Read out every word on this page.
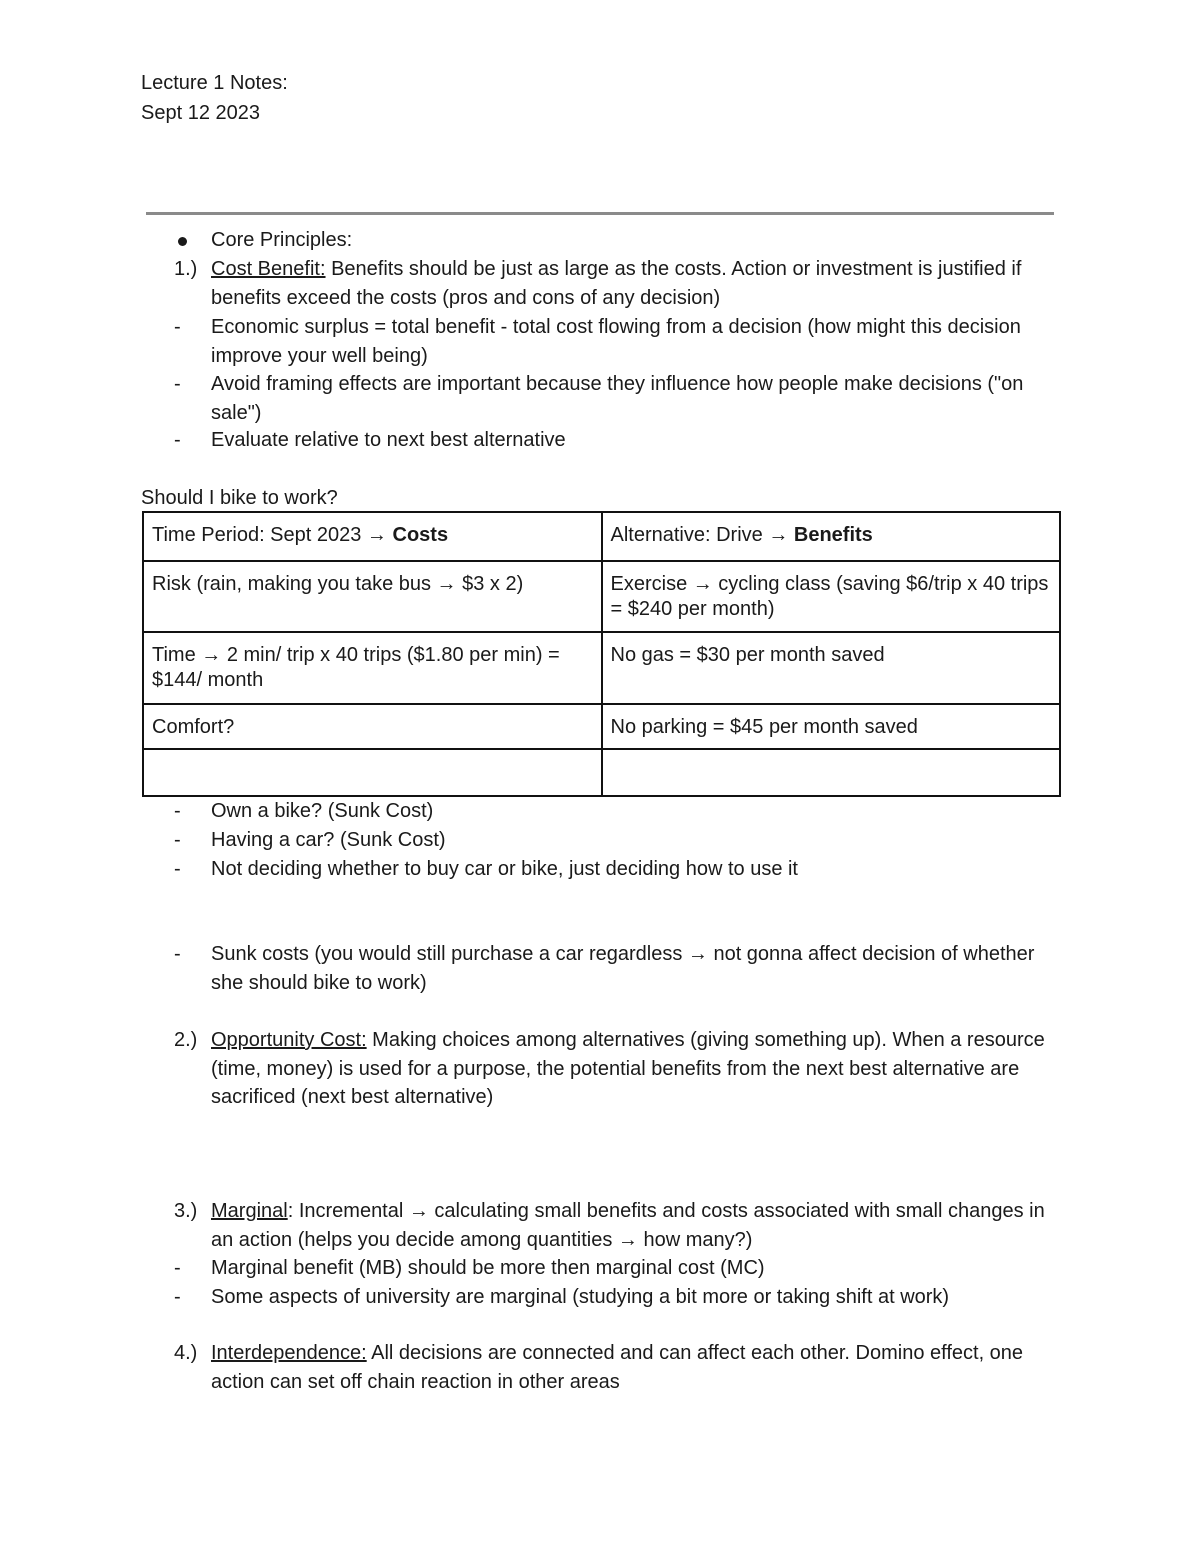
Lecture 1 Notes:
Sept 12 2023
Core Principles:
1.) Cost Benefit: Benefits should be just as large as the costs. Action or investment is justified if benefits exceed the costs (pros and cons of any decision)
- Economic surplus = total benefit - total cost flowing from a decision (how might this decision improve your well being)
- Avoid framing effects are important because they influence how people make decisions ("on sale")
- Evaluate relative to next best alternative
Should I bike to work?
Time Period: Sept 2023 → Costs	Alternative: Drive → Benefits
Risk (rain, making you take bus → $3 x 2)	Exercise → cycling class (saving $6/trip x 40 trips = $240 per month)
Time → 2 min/ trip x 40 trips ($1.80 per min) = $144/ month	No gas = $30 per month saved
Comfort?	No parking = $45 per month saved

- Own a bike? (Sunk Cost)
- Having a car? (Sunk Cost)
- Not deciding whether to buy car or bike, just deciding how to use it
- Sunk costs (you would still purchase a car regardless → not gonna affect decision of whether she should bike to work)
2.) Opportunity Cost: Making choices among alternatives (giving something up). When a resource (time, money) is used for a purpose, the potential benefits from the next best alternative are sacrificed (next best alternative)
3.) Marginal: Incremental → calculating small benefits and costs associated with small changes in an action (helps you decide among quantities → how many?)
- Marginal benefit (MB) should be more then marginal cost (MC)
- Some aspects of university are marginal (studying a bit more or taking shift at work)
4.) Interdependence: All decisions are connected and can affect each other. Domino effect, one action can set off chain reaction in other areas
